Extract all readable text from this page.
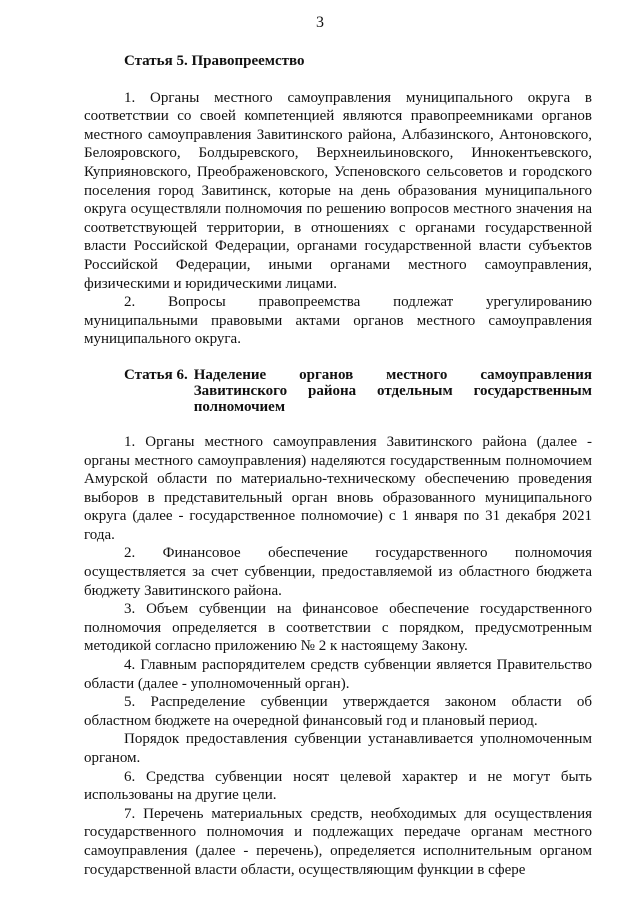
3
Статья 5. Правопреемство

1. Органы местного самоуправления муниципального округа в соответствии со своей компетенцией являются правопреемниками органов местного самоуправления Завитинского района, Албазинского, Антоновского, Белояровского, Болдыревского, Верхнеильиновского, Иннокентьевского, Куприяновского, Преображеновского, Успеновского сельсоветов и городского поселения город Завитинск, которые на день образования муниципального округа осуществляли полномочия по решению вопросов местного значения на соответствующей территории, в отношениях с органами государственной власти Российской Федерации, органами государственной власти субъектов Российской Федерации, иными органами местного самоуправления, физическими и юридическими лицами.

2. Вопросы правопреемства подлежат урегулированию муниципальными правовыми актами органов местного самоуправления муниципального округа.

Статья 6. Наделение органов местного самоуправления Завитинского района отдельным государственным полномочием

1. Органы местного самоуправления Завитинского района (далее - органы местного самоуправления) наделяются государственным полномочием Амурской области по материально-техническому обеспечению проведения выборов в представительный орган вновь образованного муниципального округа (далее - государственное полномочие) с 1 января по 31 декабря 2021 года.

2. Финансовое обеспечение государственного полномочия осуществляется за счет субвенции, предоставляемой из областного бюджета бюджету Завитинского района.

3. Объем субвенции на финансовое обеспечение государственного полномочия определяется в соответствии с порядком, предусмотренным методикой согласно приложению № 2 к настоящему Закону.

4. Главным распорядителем средств субвенции является Правительство области (далее - уполномоченный орган).

5. Распределение субвенции утверждается законом области об областном бюджете на очередной финансовый год и плановый период.

Порядок предоставления субвенции устанавливается уполномоченным органом.

6. Средства субвенции носят целевой характер и не могут быть использованы на другие цели.

7. Перечень материальных средств, необходимых для осуществления государственного полномочия и подлежащих передаче органам местного самоуправления (далее - перечень), определяется исполнительным органом государственной власти области, осуществляющим функции в сфере
